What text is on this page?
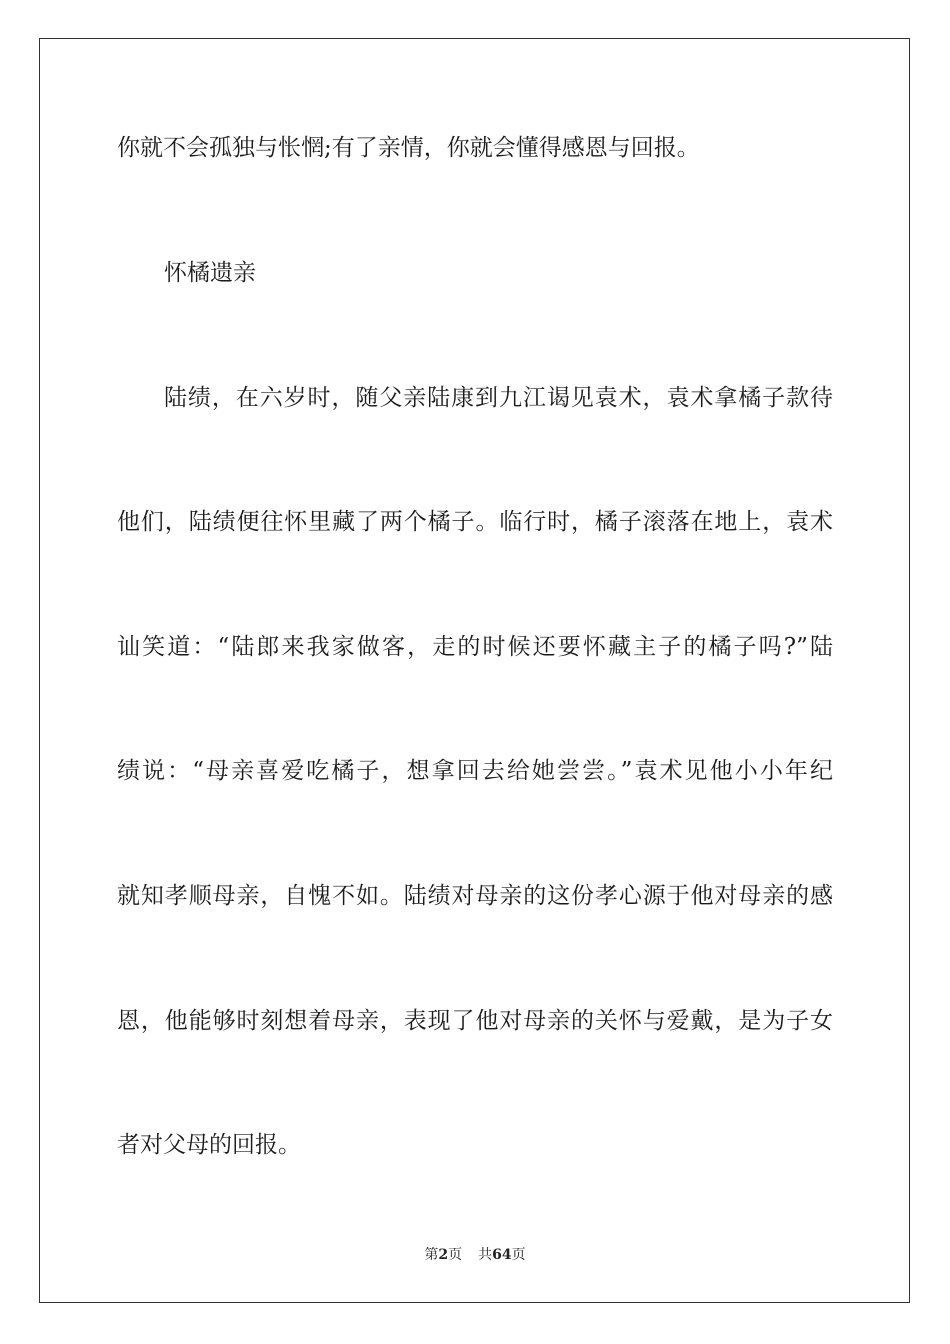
你就不会孤独与怅惘;有了亲情，你就会懂得感恩与回报。
怀橘遗亲
陆绩，在六岁时，随父亲陆康到九江谒见袁术，袁术拿橘子款待
他们，陆绩便往怀里藏了两个橘子。临行时，橘子滚落在地上，袁术
讪笑道：“陆郎来我家做客，走的时候还要怀藏主子的橘子吗?”陆
绩说：“母亲喜爱吃橘子，想拿回去给她尝尝。”袁术见他小小年纪
就知孝顺母亲，自愧不如。陆绩对母亲的这份孝心源于他对母亲的感
恩，他能够时刻想着母亲，表现了他对母亲的关怀与爱戴，是为子女
者对父母的回报。
第2页 共64页
